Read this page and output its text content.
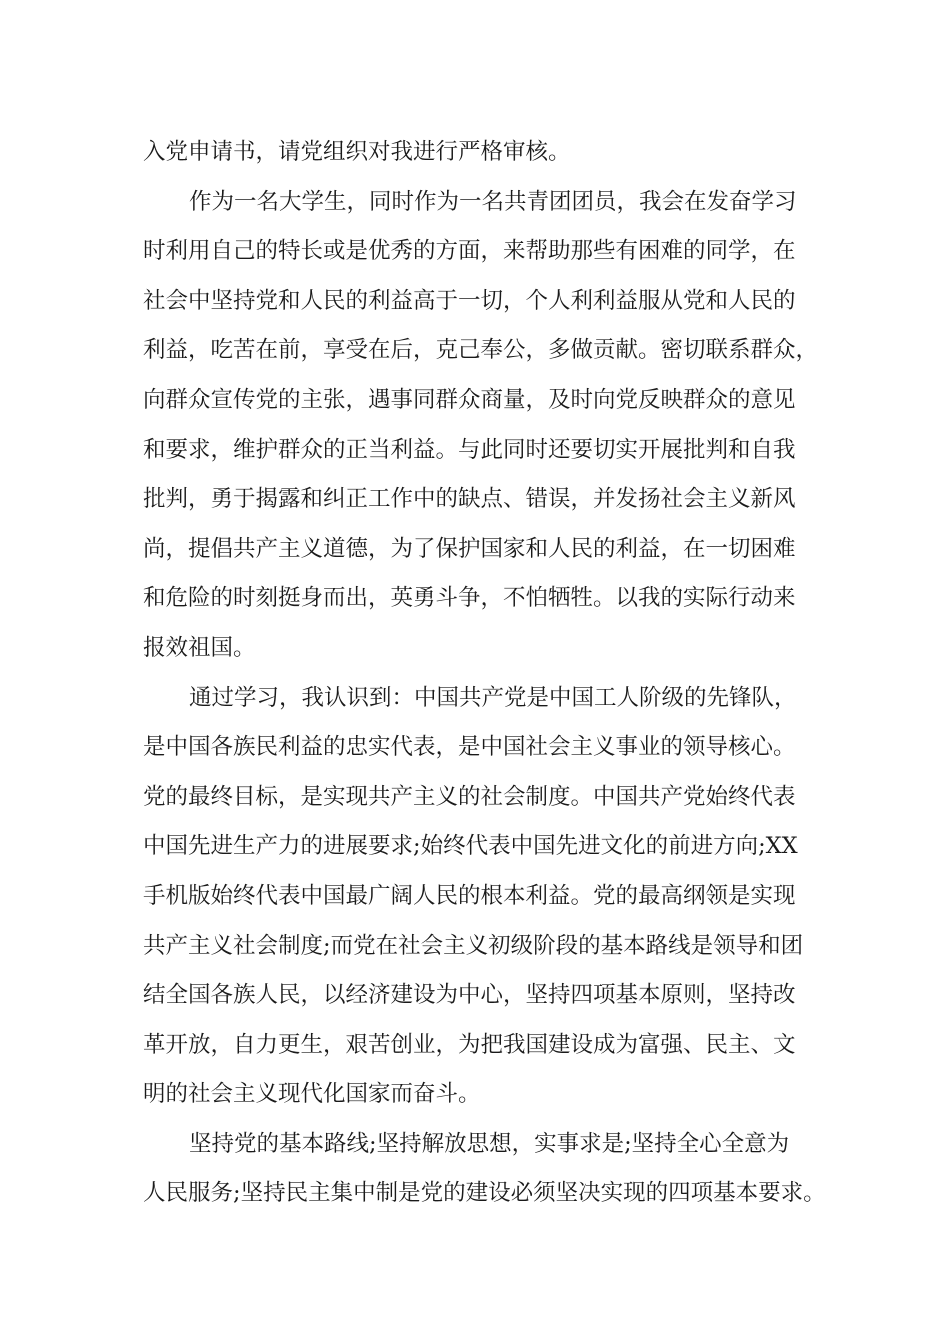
入党申请书，请党组织对我进行严格审核。
作为一名大学生，同时作为一名共青团团员，我会在发奋学习
时利用自己的特长或是优秀的方面，来帮助那些有困难的同学，在
社会中坚持党和人民的利益高于一切，个人利利益服从党和人民的
利益，吃苦在前，享受在后，克己奉公，多做贡献。密切联系群众，
向群众宣传党的主张，遇事同群众商量，及时向党反映群众的意见
和要求，维护群众的正当利益。与此同时还要切实开展批判和自我
批判，勇于揭露和纠正工作中的缺点、错误，并发扬社会主义新风
尚，提倡共产主义道德，为了保护国家和人民的利益，在一切困难
和危险的时刻挺身而出，英勇斗争，不怕牺牲。以我的实际行动来
报效祖国。
通过学习，我认识到：中国共产党是中国工人阶级的先锋队，
是中国各族民利益的忠实代表，是中国社会主义事业的领导核心。
党的最终目标，是实现共产主义的社会制度。中国共产党始终代表
中国先进生产力的进展要求;始终代表中国先进文化的前进方向;XX
手机版始终代表中国最广阔人民的根本利益。党的最高纲领是实现
共产主义社会制度;而党在社会主义初级阶段的基本路线是领导和团
结全国各族人民，以经济建设为中心，坚持四项基本原则，坚持改
革开放，自力更生，艰苦创业，为把我国建设成为富强、民主、文
明的社会主义现代化国家而奋斗。
坚持党的基本路线;坚持解放思想，实事求是;坚持全心全意为
人民服务;坚持民主集中制是党的建设必须坚决实现的四项基本要求。
